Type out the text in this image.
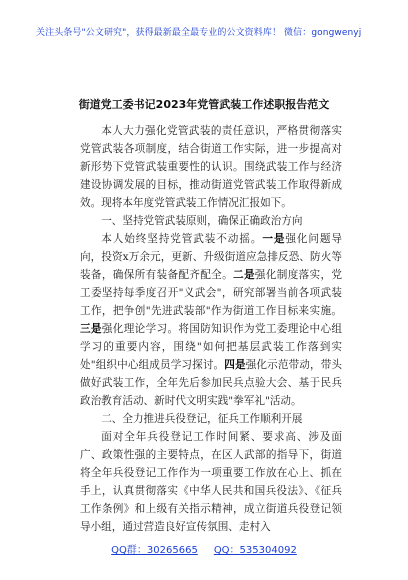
关注头条号"公文研究"，获得最新最全最专业的公文资料库！ 微信：gongwenyj
街道党工委书记2023年党管武装工作述职报告范文

本人大力强化党管武装的责任意识，严格贯彻落实党管武装各项制度，结合街道工作实际，进一步提高对新形势下党管武装重要性的认识。围绕武装工作与经济建设协调发展的目标，推动街道党管武装工作取得新成效。现将本年度党管武装工作情况汇报如下。

一、坚持党管武装原则，确保正确政治方向

本人始终坚持党管武装不动摇。一是强化问题导向，投资x万余元，更新、升级街道应急排反恐、防火等装备，确保所有装备配齐配全。二是强化制度落实，党工委坚持每季度召开"义武会"，研究部署当前各项武装工作，把争创"先进武装部"作为街道工作目标来实施。三是强化理论学习。将国防知识作为党工委理论中心组学习的重要内容，围绕"如何把基层武装工作落到实处"组织中心组成员学习探讨。四是强化示范带动，带头做好武装工作，全年先后参加民兵点验大会、基于民兵政治教育活动、新时代文明实践"拳军礼"活动。

二、全力推进兵役登记，征兵工作顺利开展

面对全年兵役登记工作时间紧、要求高、涉及面广、政策性强的主要特点，在区人武部的指导下，街道将全年兵役登记工作作为一项重要工作放在心上、抓在手上，认真贯彻落实《中华人民共和国兵役法》、《征兵工作条例》和上级有关指示精神，成立街道兵役登记领导小组，通过营造良好宣传氛围、走村入

QQ群：30265665 QQ：535304092
